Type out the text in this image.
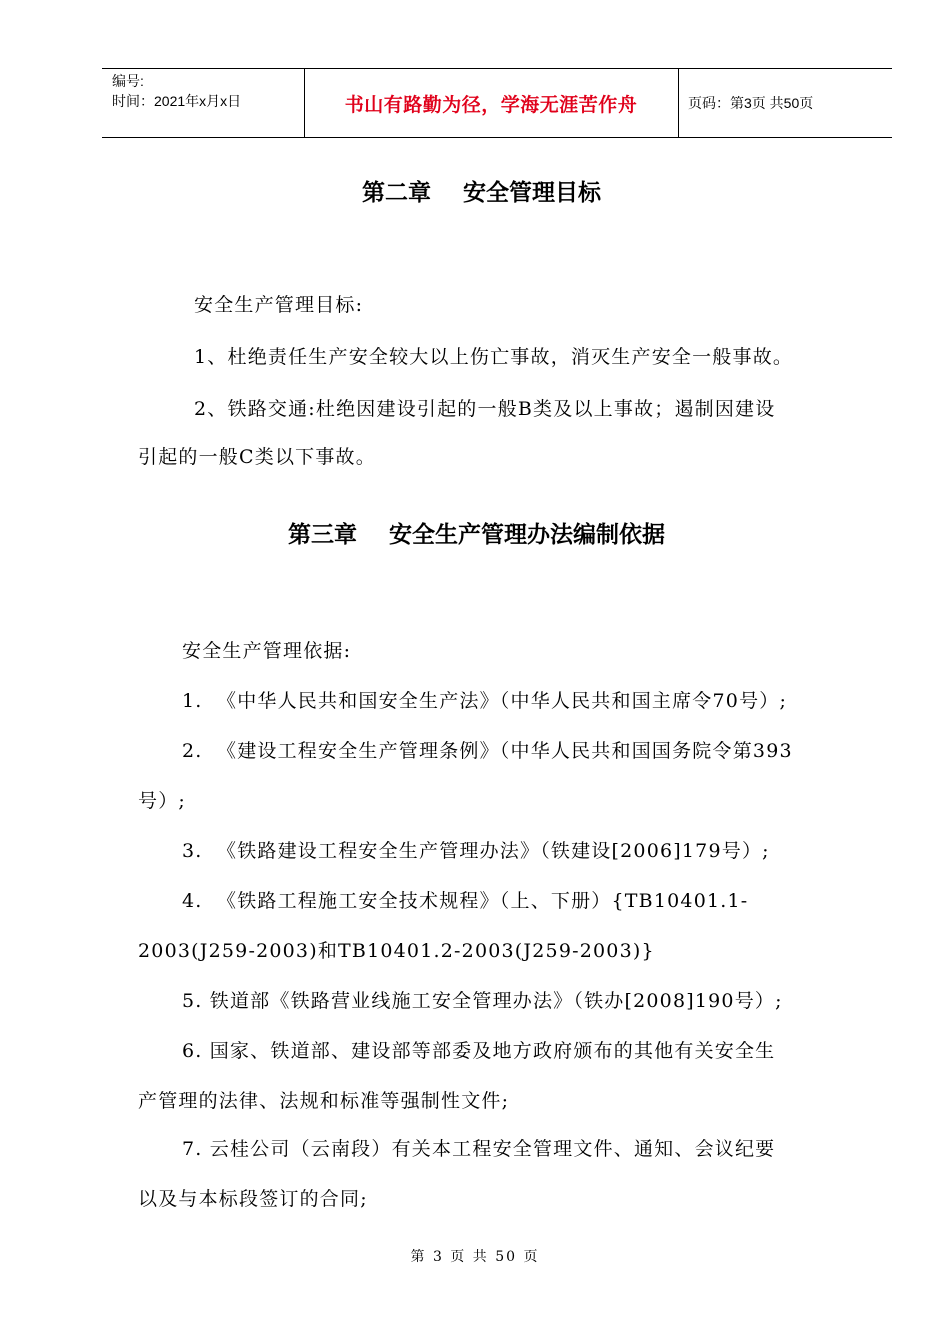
编号:
时间：2021年x月x日	书山有路勤为径，学海无涯苦作舟	页码：第3页 共50页
第二章    安全管理目标
安全生产管理目标:
1、杜绝责任生产安全较大以上伤亡事故，消灭生产安全一般事故。
2、铁路交通:杜绝因建设引起的一般B类及以上事故；遏制因建设
引起的一般C类以下事故。
第三章    安全生产管理办法编制依据
安全生产管理依据:
1.  《中华人民共和国安全生产法》（中华人民共和国主席令70号）;
2.  《建设工程安全生产管理条例》（中华人民共和国国务院令第393
号）;
3.  《铁路建设工程安全生产管理办法》（铁建设[2006]179号）;
4.  《铁路工程施工安全技术规程》（上、下册）{TB10401.1-
2003(J259-2003)和TB10401.2-2003(J259-2003)}
5. 铁道部《铁路营业线施工安全管理办法》（铁办[2008]190号）;
6. 国家、铁道部、建设部等部委及地方政府颁布的其他有关安全生
产管理的法律、法规和标准等强制性文件;
7. 云桂公司（云南段）有关本工程安全管理文件、通知、会议纪要
以及与本标段签订的合同;
第 3 页 共 50 页
